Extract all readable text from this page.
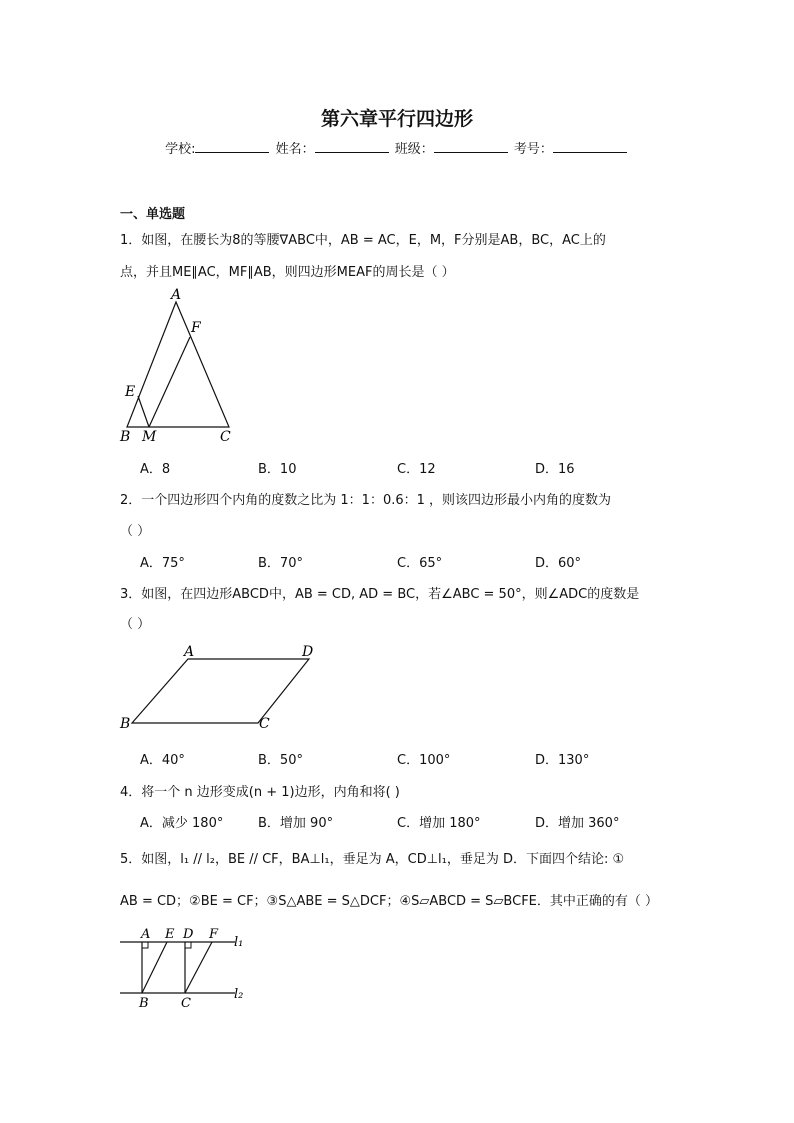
第六章平行四边形
学校:	姓名：	班级：	考号：
一、单选题
1．如图，在腰长为8的等腰∇ABC中，AB = AC，E，M，F分别是AB，BC，AC上的
点，并且ME∥AC，MF∥AB，则四边形MEAF的周长是（ ）
A
F
E
B M	C
A．8	B．10	C．12	D．16
2．一个四边形四个内角的度数之比为 1：1：0.6：1 ，则该四边形最小内角的度数为
（ ）
A．75°	B．70°	C．65°	D．60°
3．如图，在四边形ABCD中，AB = CD, AD = BC，若∠ABC = 50°，则∠ADC的度数是
（ ）
A	D
B	C
A．40°	B．50°	C．100°	D．130°
4．将一个 n 边形变成(n + 1)边形，内角和将( )
A．减少 180°	B．增加 90°	C．增加 180°	D．增加 360°
5．如图，l₁ // l₂，BE // CF，BA⊥l₁，垂足为 A，CD⊥l₁，垂足为 D．下面四个结论: ①
AB = CD；②BE = CF；③S△ABE = S△DCF；④S▱ABCD = S▱BCFE．其中正确的有（ ）
A E D F
l₁
B C
l₂
